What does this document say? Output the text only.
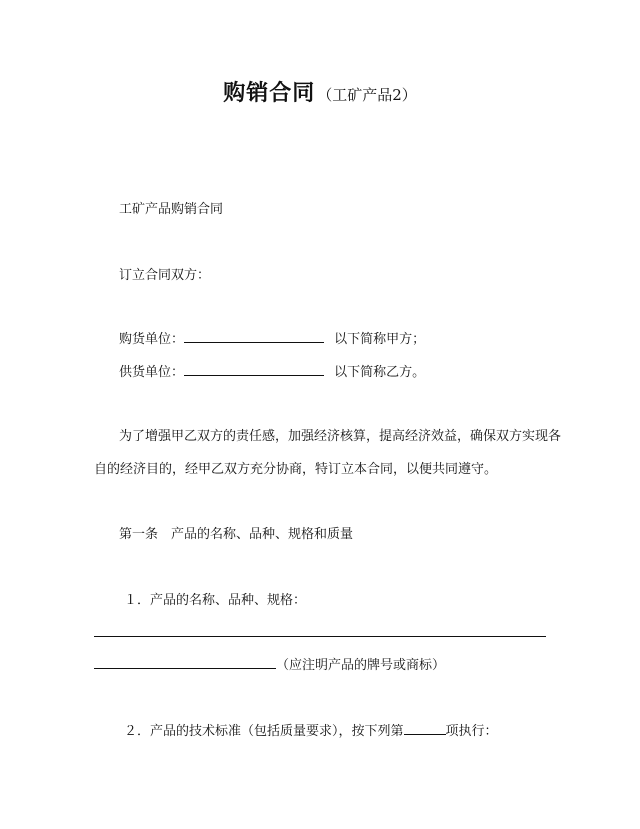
购销合同 （工矿产品2）
工矿产品购销合同
订立合同双方：
购货单位：	以下简称甲方；
供货单位：	以下简称乙方。
为了增强甲乙双方的责任感，加强经济核算，提高经济效益，确保双方实现各
自的经济目的，经甲乙双方充分协商，特订立本合同，以便共同遵守。
第一条　产品的名称、品种、规格和质量
１．产品的名称、品种、规格：
（应注明产品的牌号或商标）
２．产品的技术标准（包括质量要求），按下列第	项执行：
